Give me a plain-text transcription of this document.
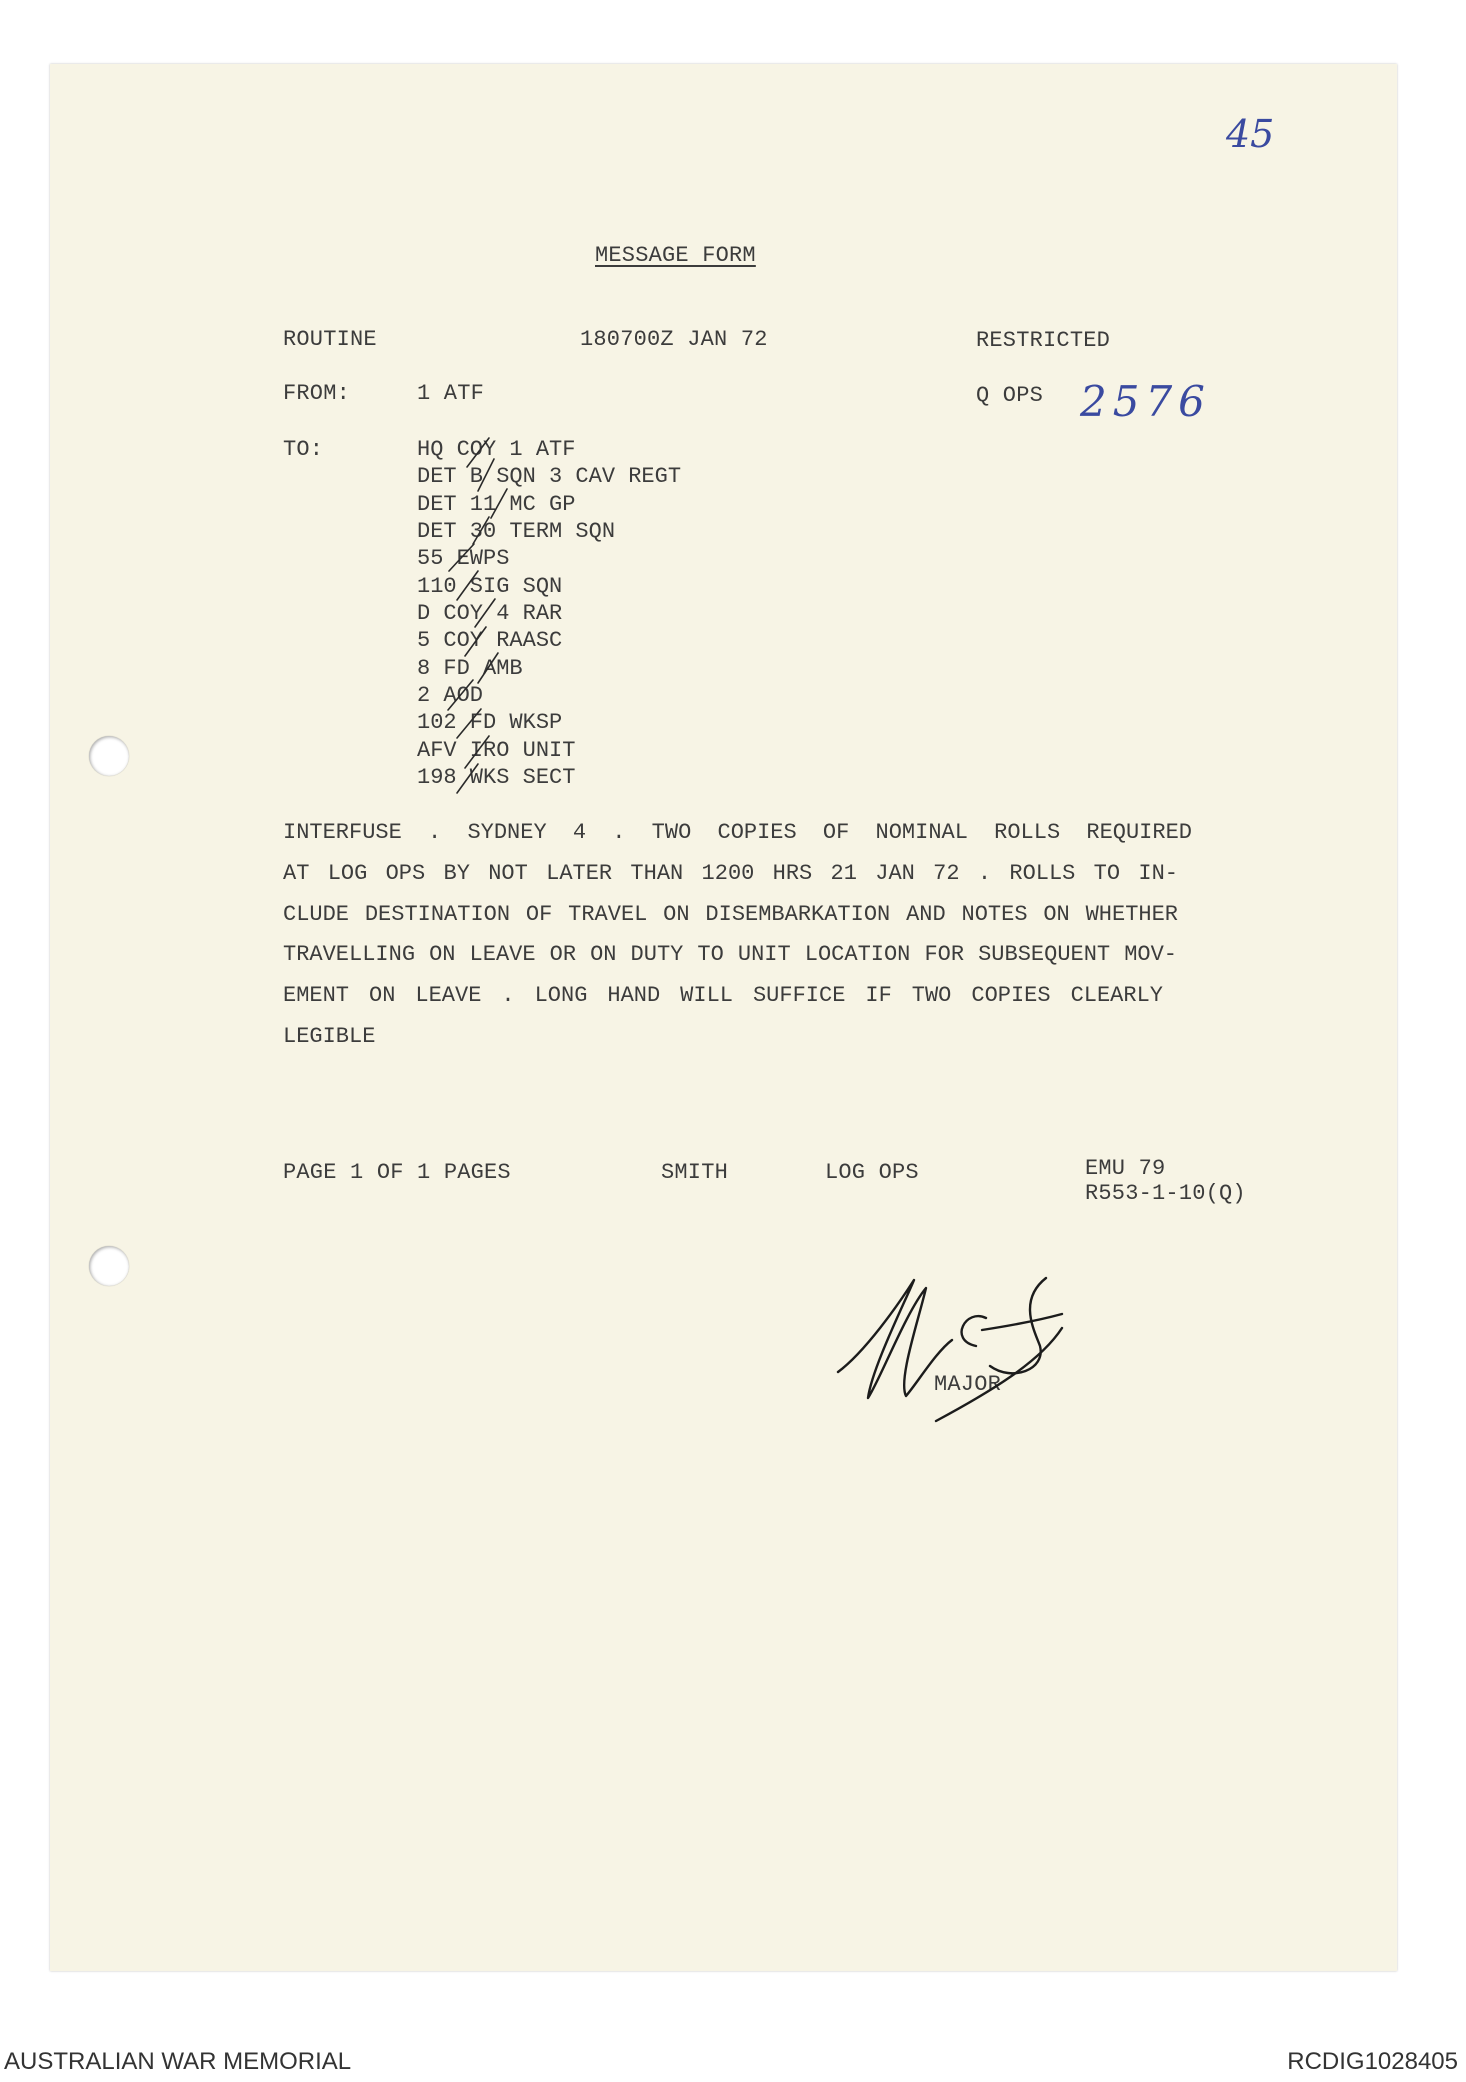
45

MESSAGE FORM

ROUTINE	180700Z JAN 72	RESTRICTED

FROM:	1 ATF	Q OPS 2576

TO:	HQ COY 1 ATF
DET B SQN 3 CAV REGT
DET 11 MC GP
DET 30 TERM SQN
55 EWPS
110 SIG SQN
D COY 4 RAR
5 COY RAASC
8 FD AMB
2 AOD
102 FD WKSP
AFV IRO UNIT
198 WKS SECT
INTERFUSE . SYDNEY 4 . TWO COPIES OF NOMINAL ROLLS REQUIRED
AT LOG OPS BY NOT LATER THAN 1200 HRS 21 JAN 72 . ROLLS TO IN-
CLUDE DESTINATION OF TRAVEL ON DISEMBARKATION AND NOTES ON WHETHER
TRAVELLING ON LEAVE OR ON DUTY TO UNIT LOCATION FOR SUBSEQUENT MOV-
EMENT ON LEAVE . LONG HAND WILL SUFFICE IF TWO COPIES CLEARLY
LEGIBLE

PAGE 1 OF 1 PAGES	SMITH	LOG OPS	EMU 79

R553-1-10(Q)

MAJOR

AUSTRALIAN WAR MEMORIAL	RCDIG1028405
